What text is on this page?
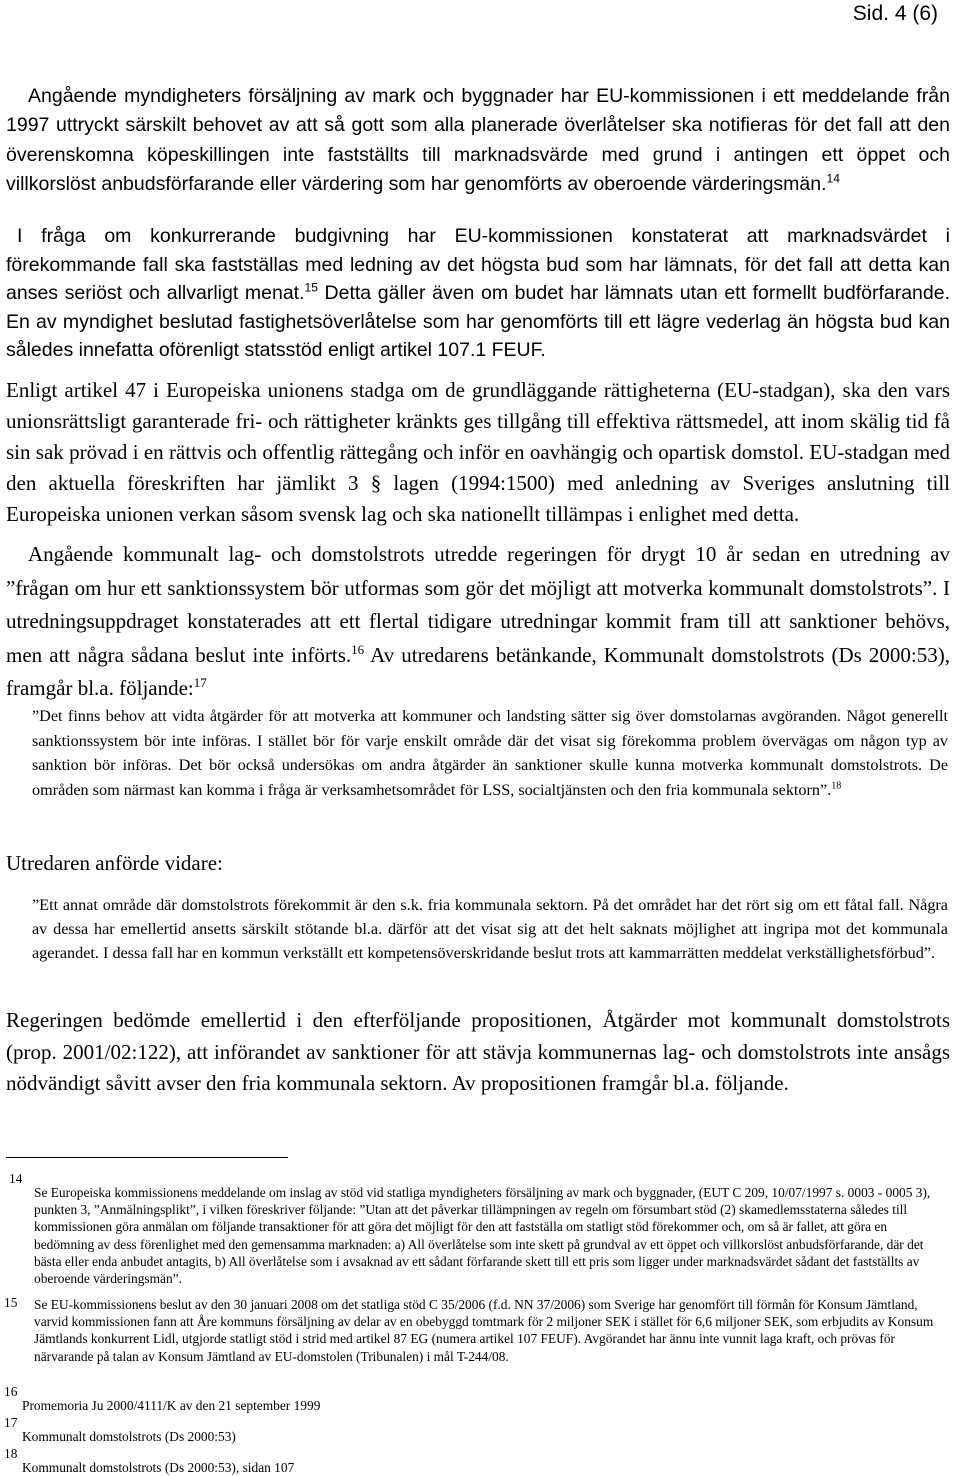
Sid. 4 (6)

Angående myndigheters försäljning av mark och byggnader har EU-kommissionen i ett meddelande från 1997 uttryckt särskilt behovet av att så gott som alla planerade överlåtelser ska notifieras för det fall att den överenskomna köpeskillingen inte fastställts till marknadsvärde med grund i antingen ett öppet och villkorslöst anbudsförfarande eller värdering som har genomförts av oberoende värderingsmän.$^{14}$

I fråga om konkurrerande budgivning har EU-kommissionen konstaterat att marknadsvärdet i förekommande fall ska fastställas med ledning av det högsta bud som har lämnats, för det fall att detta kan anses seriöst och allvarligt menat.$^{15}$ Detta gäller även om budet har lämnats utan ett formellt budförfarande. En av myndighet beslutad fastighetsöverlåtelse som har genomförts till ett lägre vederlag än högsta bud kan således innefatta oförenligt statsstöd enligt artikel 107.1 FEUF.

Enligt artikel 47 i Europeiska unionens stadga om de grundläggande rättigheterna (EU-stadgan), ska den vars unionsrättsligt garanterade fri- och rättigheter kränkts ges tillgång till effektiva rättsmedel, att inom skälig tid få sin sak prövad i en rättvis och offentlig rättegång och inför en oavhängig och opartisk domstol. EU-stadgan med den aktuella föreskriften har jämlikt 3 § lagen (1994:1500) med anledning av Sveriges anslutning till Europeiska unionen verkan såsom svensk lag och ska nationellt tillämpas i enlighet med detta.

Angående kommunalt lag- och domstolstrots utredde regeringen för drygt 10 år sedan en utredning av ”frågan om hur ett sanktionssystem bör utformas som gör det möjligt att motverka kommunalt domstolstrots”. I utredningsuppdraget konstaterades att ett flertal tidigare utredningar kommit fram till att sanktioner behövs, men att några sådana beslut inte införts.$^{16}$ Av utredarens betänkande, Kommunalt domstolstrots (Ds 2000:53), framgår bl.a. följande:$^{17}$

”Det finns behov att vidta åtgärder för att motverka att kommuner och landsting sätter sig över domstolarnas avgöranden. Något generellt sanktionssystem bör inte införas. I stället bör för varje enskilt område där det visat sig förekomma problem övervägas om någon typ av sanktion bör införas. Det bör också undersökas om andra åtgärder än sanktioner skulle kunna motverka kommunalt domstolstrots. De områden som närmast kan komma i fråga är verksamhetsområdet för LSS, socialtjänsten och den fria kommunala sektorn”.$^{18}$

Utredaren anförde vidare:

”Ett annat område där domstolstrots förekommit är den s.k. fria kommunala sektorn. På det området har det rört sig om ett fåtal fall. Några av dessa har emellertid ansetts särskilt stötande bl.a. därför att det visat sig att det helt saknats möjlighet att ingripa mot det kommunala agerandet. I dessa fall har en kommun verkställt ett kompetensöverskridande beslut trots att kammarrätten meddelat verkställighetsförbud”.

Regeringen bedömde emellertid i den efterföljande propositionen, Åtgärder mot kommunalt domstolstrots (prop. 2001/02:122), att införandet av sanktioner för att stävja kommunernas lag- och domstolstrots inte ansågs nödvändigt såvitt avser den fria kommunala sektorn. Av propositionen framgår bl.a. följande.

14
Se Europeiska kommissionens meddelande om inslag av stöd vid statliga myndigheters försäljning av mark och byggnader, (EUT C 209, 10/07/1997 s. 0003 - 0005 3), punkten 3, ”Anmälningsplikt”, i vilken föreskriver följande: ”Utan att det påverkar tillämpningen av regeln om försumbart stöd (2) skamedlemsstaterna således till kommissionen göra anmälan om följande transaktioner för att göra det möjligt för den att fastställa om statligt stöd förekommer och, om så är fallet, att göra en bedömning av dess förenlighet med den gemensamma marknaden: a) All överlåtelse som inte skett på grundval av ett öppet och villkorslöst anbudsförfarande, där det bästa eller enda anbudet antagits, b) All överlåtelse som i avsaknad av ett sådant förfarande skett till ett pris som ligger under marknadsvärdet sådant det fastställts av oberoende värderingsmän”.
15 Se EU-kommissionens beslut av den 30 januari 2008 om det statliga stöd C 35/2006 (f.d. NN 37/2006) som Sverige har genomfört till förmån för Konsum Jämtland, varvid kommissionen fann att Åre kommuns försäljning av delar av en obebyggd tomtmark för 2 miljoner SEK i stället för 6,6 miljoner SEK, som erbjudits av Konsum Jämtlands konkurrent Lidl, utgjorde statligt stöd i strid med artikel 87 EG (numera artikel 107 FEUF). Avgörandet har ännu inte vunnit laga kraft, och prövas för närvarande på talan av Konsum Jämtland av EU-domstolen (Tribunalen) i mål T-244/08.
16
Promemoria Ju 2000/4111/K av den 21 september 1999
17
Kommunalt domstolstrots (Ds 2000:53)
18
Kommunalt domstolstrots (Ds 2000:53), sidan 107
